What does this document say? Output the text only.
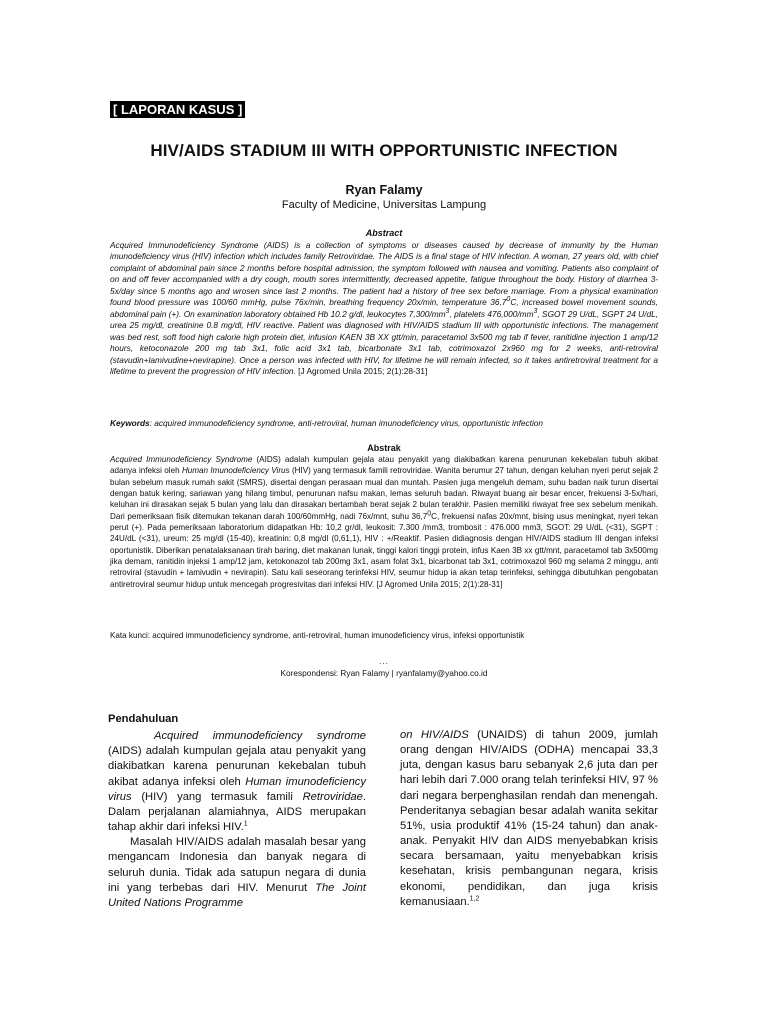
[ LAPORAN KASUS ]
HIV/AIDS STADIUM III WITH OPPORTUNISTIC INFECTION
Ryan Falamy
Faculty of Medicine, Universitas Lampung
Abstract
Acquired Immunodeficiency Syndrome (AIDS) is a collection of symptoms or diseases caused by decrease of immunity by the Human imunodeficiency virus (HIV) infection which includes family Retroviridae. The AIDS is a final stage of HIV infection. A woman, 27 years old, with chief complaint of abdominal pain since 2 months before hospital admission, the symptom followed with nausea and vomiting. Patients also complaint of on and off fever accompanied with a dry cough, mouth sores intermittently, decreased appetite, fatigue throughout the body. History of diarrhea 3-5x/day since 5 months ago and wrosen since last 2 months. The patient had a history of free sex before marriage. From a physical examination found blood pressure was 100/60 mmHg, pulse 76x/min, breathing frequency 20x/min, temperature 36,7$^0$C, increased bowel movement sounds, abdominal pain (+). On examination laboratory obtained Hb 10.2 g/dl, leukocytes $7,300/mm^3$, platelets $476,000/mm^3$, SGOT 29 U/dL, SGPT 24 U/dL, urea 25 mg/dl, creatinine 0.8 mg/dl, HIV reactive. Patient was diagnosed with HIV/AIDS stadium III with opportunistic infections. The management was bed rest, soft food high calorie high protein diet, infusion KAEN 3B XX gtt/min, paracetamol 3x500 mg tab if fever, ranitidine injection 1 amp/12 hours, ketoconazole 200 mg tab 3x1, folic acid 3x1 tab, bicarbonate 3x1 tab, cotrimoxazol 2x960 mg for 2 weeks, anti-retroviral (stavudin+lamivudine+nevirapine). Once a person was infected with HIV, for lifetime he will remain infected, so it takes antiretroviral treatment for a lifetime to prevent the progression of HIV infection. [J Agromed Unila 2015; 2(1):28-31]
Keywords: acquired immunodeficiency syndrome, anti-retroviral, human imunodeficiency virus, opportunistic infection
Abstrak
Acquired Immunodeficiency Syndrome (AIDS) adalah kumpulan gejala atau penyakit yang diakibatkan karena penurunan kekebalan tubuh akibat adanya infeksi oleh Human Imunodeficiency Virus (HIV) yang termasuk famili retroviridae. Wanita berumur 27 tahun, dengan keluhan nyeri perut sejak 2 bulan sebelum masuk rumah sakit (SMRS), disertai dengan perasaan mual dan muntah. Pasien juga mengeluh demam, suhu badan naik turun disertai dengan batuk kering, sariawan yang hilang timbul, penurunan nafsu makan, lemas seluruh badan. Riwayat buang air besar encer, frekuensi 3-5x/hari, keluhan ini dirasakan sejak 5 bulan yang lalu dan dirasakan bertambah berat sejak 2 bulan terakhir. Pasien memiliki riwayat free sex sebelum menikah. Dari pemeriksaan fisik ditemukan tekanan darah 100/60mmHg, nadi 76x/mnt, suhu 36,7$^0$C, frekuensi nafas 20x/mnt, bising usus meningkat, nyeri tekan perut (+). Pada pemeriksaan laboratorium didapatkan Hb: 10,2 gr/dl, leukosit: 7.300 /mm3, trombosit : 476.000 mm3, SGOT: 29 U/dL (<31), SGPT : 24U/dL (<31), ureum: 25 mg/dl (15-40), kreatinin: 0,8 mg/dl (0,61,1), HIV : +/Reaktif. Pasien didiagnosis dengan HIV/AIDS stadium III dengan infeksi oportunistik. Diberikan penatalaksanaan tirah baring, diet makanan lunak, tinggi kalori tinggi protein, infus Kaen 3B xx gtt/mnt, paracetamol tab 3x500mg jika demam, ranitidin injeksi 1 amp/12 jam, ketokonazol tab 200mg 3x1, asam folat 3x1, bicarbonat tab 3x1, cotrimoxazol 960 mg selama 2 minggu, anti retroviral (stavudin + lamivudin + nevirapin). Satu kali seseorang terinfeksi HIV, seumur hidup ia akan tetap terinfeksi, sehingga dibutuhkan pengobatan antiretroviral seumur hidup untuk mencegah progresivitas dari infeksi HIV. [J Agromed Unila 2015; 2(1):28-31]
Kata kunci: acquired immunodeficiency syndrome, anti-retroviral, human imunodeficiency virus, infeksi opportunistik
...
Korespondensi: Ryan Falamy | ryanfalamy@yahoo.co.id

Pendahuluan

Acquired immunodeficiency syndrome (AIDS) adalah kumpulan gejala atau penyakit yang diakibatkan karena penurunan kekebalan tubuh akibat adanya infeksi oleh Human imunodeficiency virus (HIV) yang termasuk famili Retroviridae. Dalam perjalanan alamiahnya, AIDS merupakan tahap akhir dari infeksi HIV.$^1$

Masalah HIV/AIDS adalah masalah besar yang mengancam Indonesia dan banyak negara di seluruh dunia. Tidak ada satupun negara di dunia ini yang terbebas dari HIV. Menurut The Joint United Nations Programme

on HIV/AIDS (UNAIDS) di tahun 2009, jumlah orang dengan HIV/AIDS (ODHA) mencapai 33,3 juta, dengan kasus baru sebanyak 2,6 juta dan per hari lebih dari 7.000 orang telah terinfeksi HIV, 97 % dari negara berpenghasilan rendah dan menengah. Penderitanya sebagian besar adalah wanita sekitar 51%, usia produktif 41% (15-24 tahun) dan anak-anak. Penyakit HIV dan AIDS menyebabkan krisis secara bersamaan, yaitu menyebabkan krisis kesehatan, krisis pembangunan negara, krisis ekonomi, pendidikan, dan juga krisis kemanusiaan.$^{1,2}$
